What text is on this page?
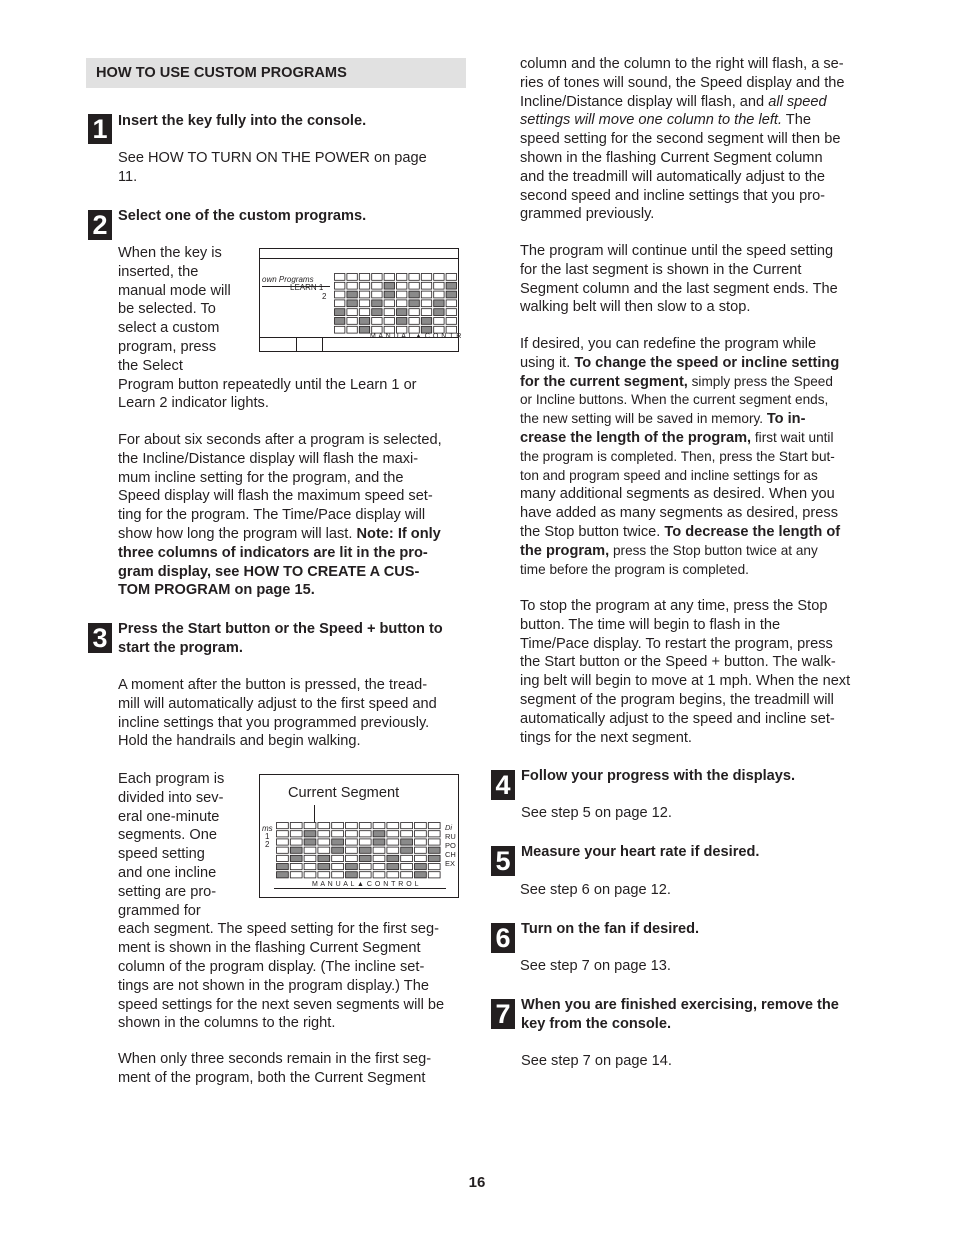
HOW TO USE CUSTOM PROGRAMS
1 Insert the key fully into the console.
See HOW TO TURN ON THE POWER on page
11.
2 Select one of the custom programs.
When the key is
inserted, the
manual mode will
be selected. To
select a custom
program, press
the Select
Program button repeatedly until the Learn 1 or
Learn 2 indicator lights.
own Programs
LEARN 1
2
M A N U A L ▲ C O N T R
For about six seconds after a program is selected,
the Incline/Distance display will flash the maxi-
mum incline setting for the program, and the
Speed display will flash the maximum speed set-
ting for the program. The Time/Pace display will
show how long the program will last. Note: If only
three columns of indicators are lit in the pro-
gram display, see HOW TO CREATE A CUS-
TOM PROGRAM on page 15.
3 Press the Start button or the Speed + button to
start the program.
A moment after the button is pressed, the tread-
mill will automatically adjust to the first speed and
incline settings that you programmed previously.
Hold the handrails and begin walking.
Each program is
divided into sev-
eral one-minute
segments. One
speed setting
and one incline
setting are pro-
grammed for
each segment. The speed setting for the first seg-
ment is shown in the flashing Current Segment
column of the program display. (The incline set-
tings are not shown in the program display.) The
speed settings for the next seven segments will be
shown in the columns to the right.
Current Segment
ms
1
2
Di
RU
PO
CH
EX
M A N U A L ▲ C O N T R O L
When only three seconds remain in the first seg-
ment of the program, both the Current Segment
column and the column to the right will flash, a se-
ries of tones will sound, the Speed display and the
Incline/Distance display will flash, and all speed
settings will move one column to the left. The
speed setting for the second segment will then be
shown in the flashing Current Segment column
and the treadmill will automatically adjust to the
second speed and incline settings that you pro-
grammed previously.
The program will continue until the speed setting
for the last segment is shown in the Current
Segment column and the last segment ends. The
walking belt will then slow to a stop.
If desired, you can redefine the program while
using it. To change the speed or incline setting
for the current segment, simply press the Speed
or Incline buttons. When the current segment ends,
the new setting will be saved in memory. To in-
crease the length of the program, first wait until
the program is completed. Then, press the Start but-
ton and program speed and incline settings for as
many additional segments as desired. When you
have added as many segments as desired, press
the Stop button twice. To decrease the length of
the program, press the Stop button twice at any
time before the program is completed.
To stop the program at any time, press the Stop
button. The time will begin to flash in the
Time/Pace display. To restart the program, press
the Start button or the Speed + button. The walk-
ing belt will begin to move at 1 mph. When the next
segment of the program begins, the treadmill will
automatically adjust to the speed and incline set-
tings for the next segment.
4 Follow your progress with the displays.
See step 5 on page 12.
5 Measure your heart rate if desired.
See step 6 on page 12.
6 Turn on the fan if desired.
See step 7 on page 13.
7 When you are finished exercising, remove the
key from the console.
See step 7 on page 14.
16
